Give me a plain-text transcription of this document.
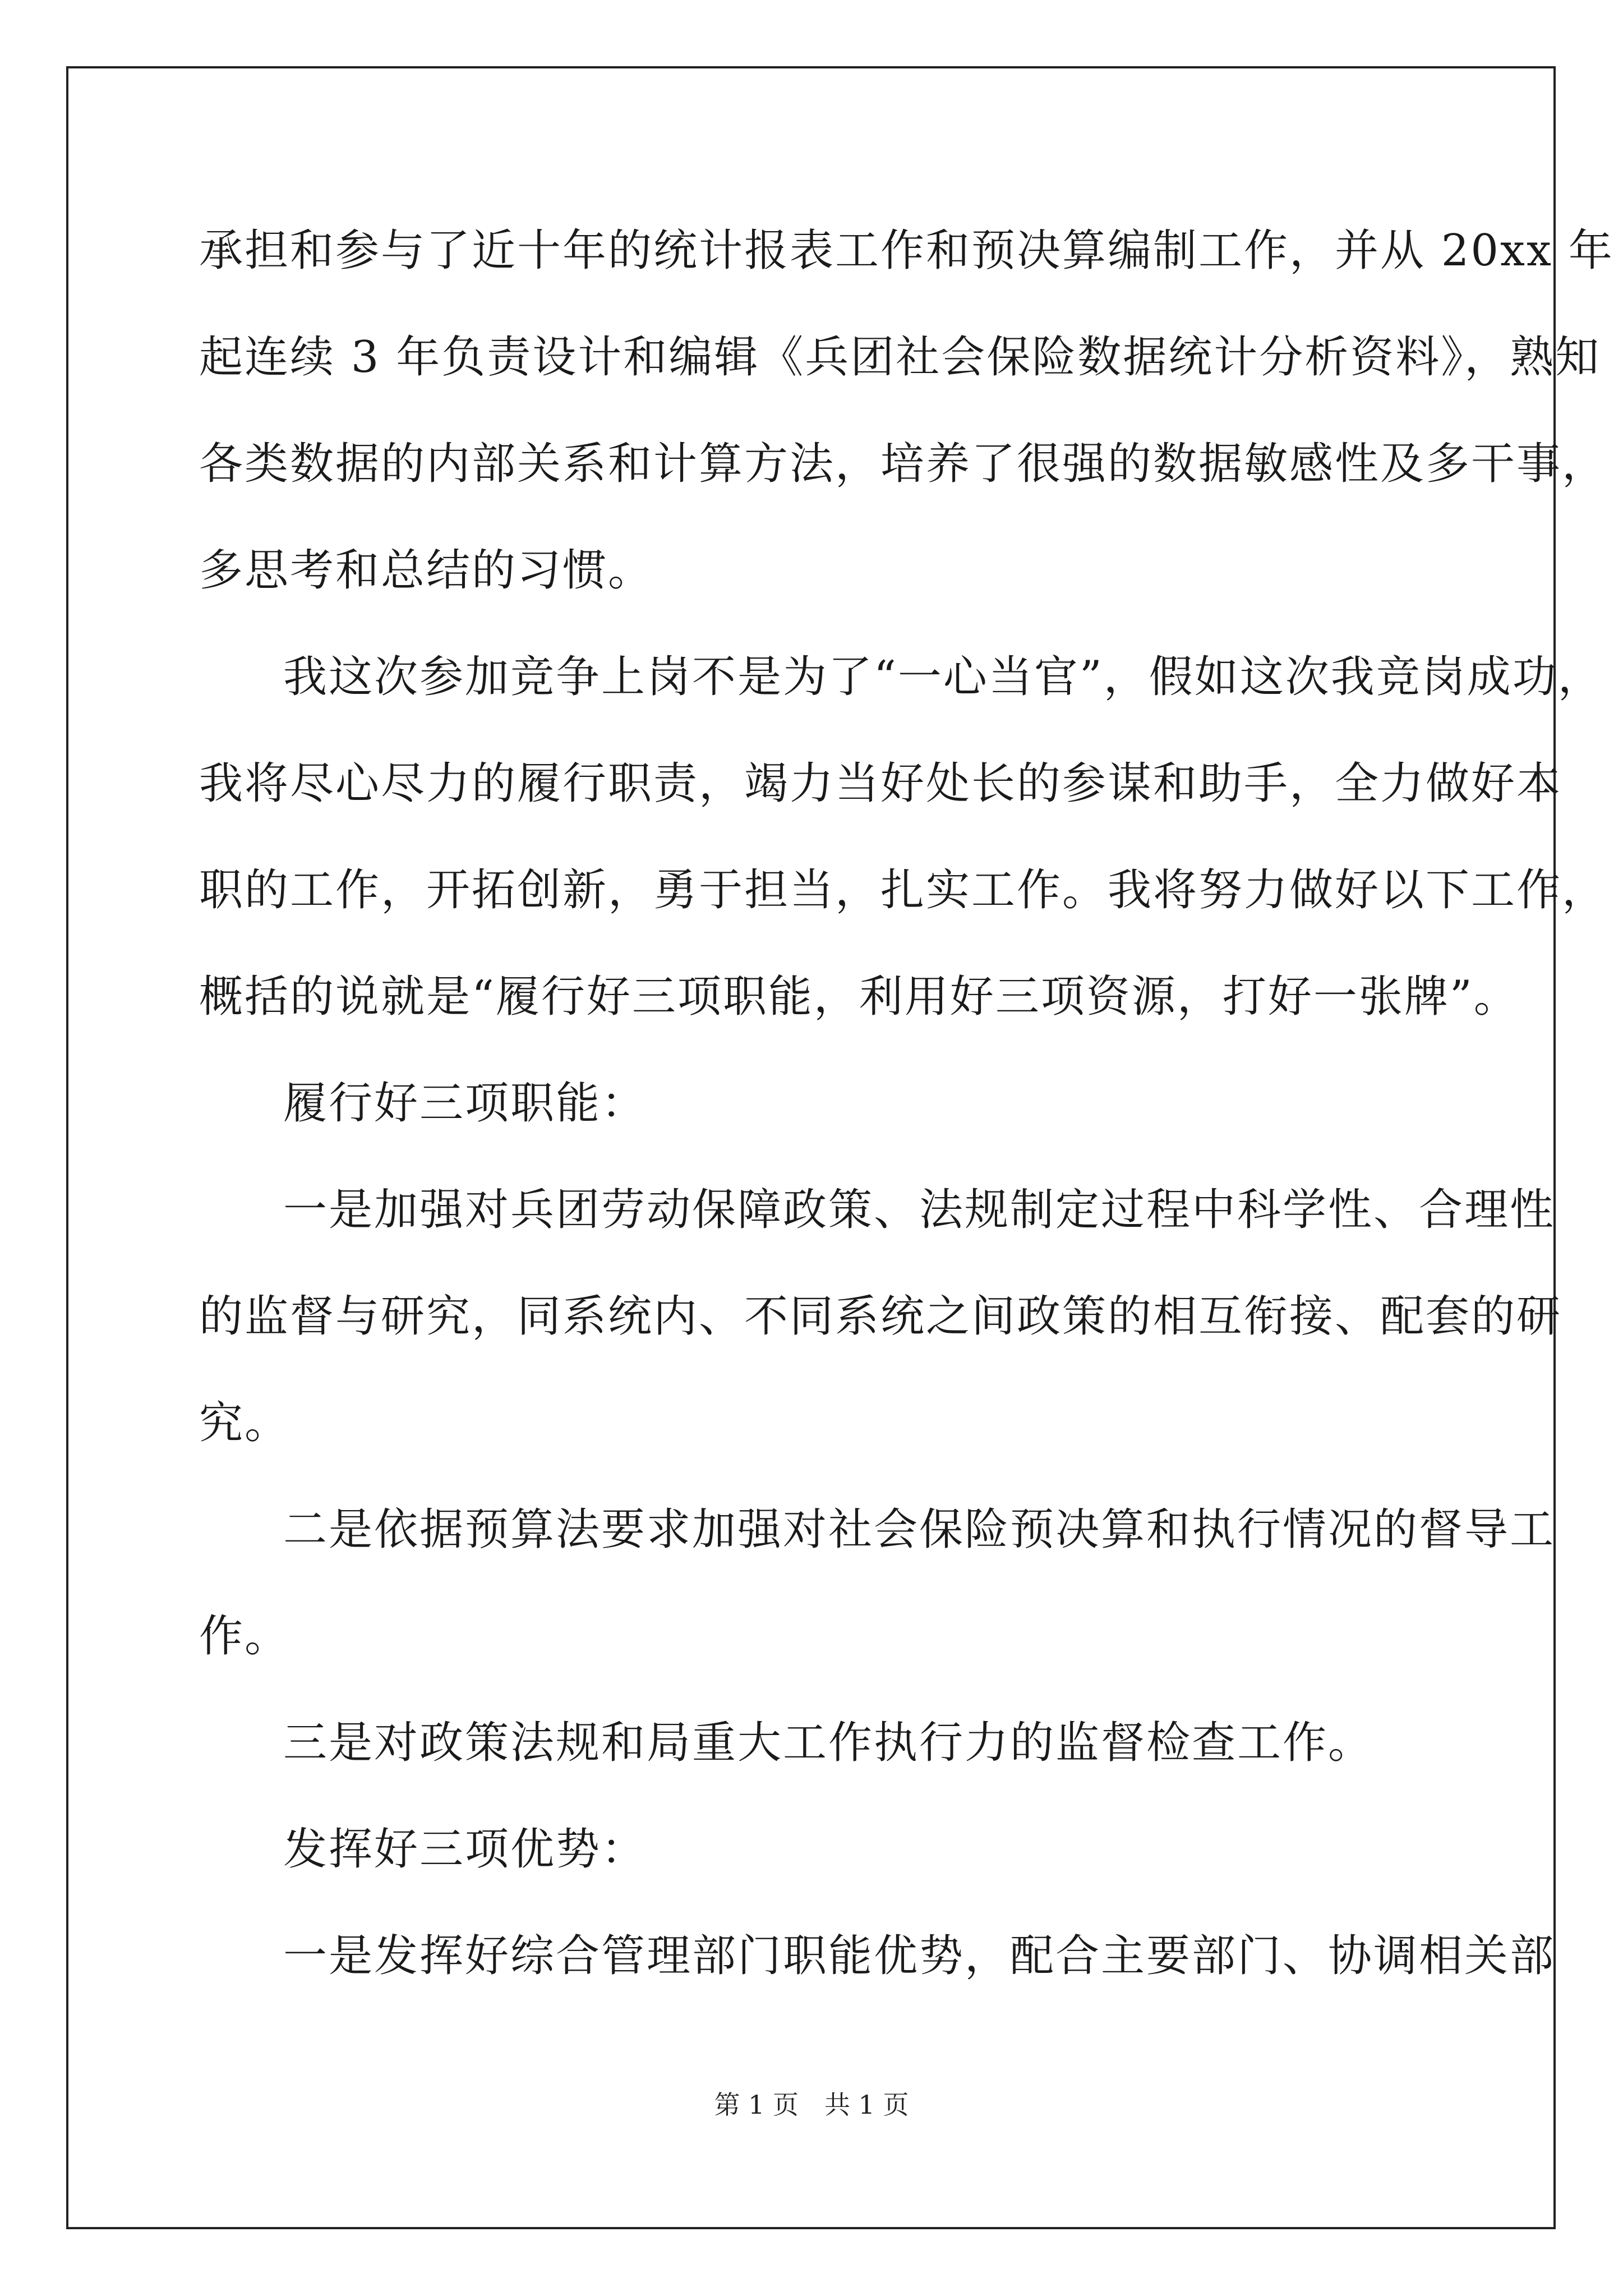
承担和参与了近十年的统计报表工作和预决算编制工作，并从 20xx 年
起连续 3 年负责设计和编辑《兵团社会保险数据统计分析资料》，熟知
各类数据的内部关系和计算方法，培养了很强的数据敏感性及多干事，
多思考和总结的习惯。
我这次参加竞争上岗不是为了“一心当官”，假如这次我竞岗成功，
我将尽心尽力的履行职责，竭力当好处长的参谋和助手，全力做好本
职的工作，开拓创新，勇于担当，扎实工作。我将努力做好以下工作，
概括的说就是“履行好三项职能，利用好三项资源，打好一张牌”。
履行好三项职能：
一是加强对兵团劳动保障政策、法规制定过程中科学性、合理性
的监督与研究，同系统内、不同系统之间政策的相互衔接、配套的研
究。
二是依据预算法要求加强对社会保险预决算和执行情况的督导工
作。
三是对政策法规和局重大工作执行力的监督检查工作。
发挥好三项优势：
一是发挥好综合管理部门职能优势，配合主要部门、协调相关部
第 1 页　共 1 页
